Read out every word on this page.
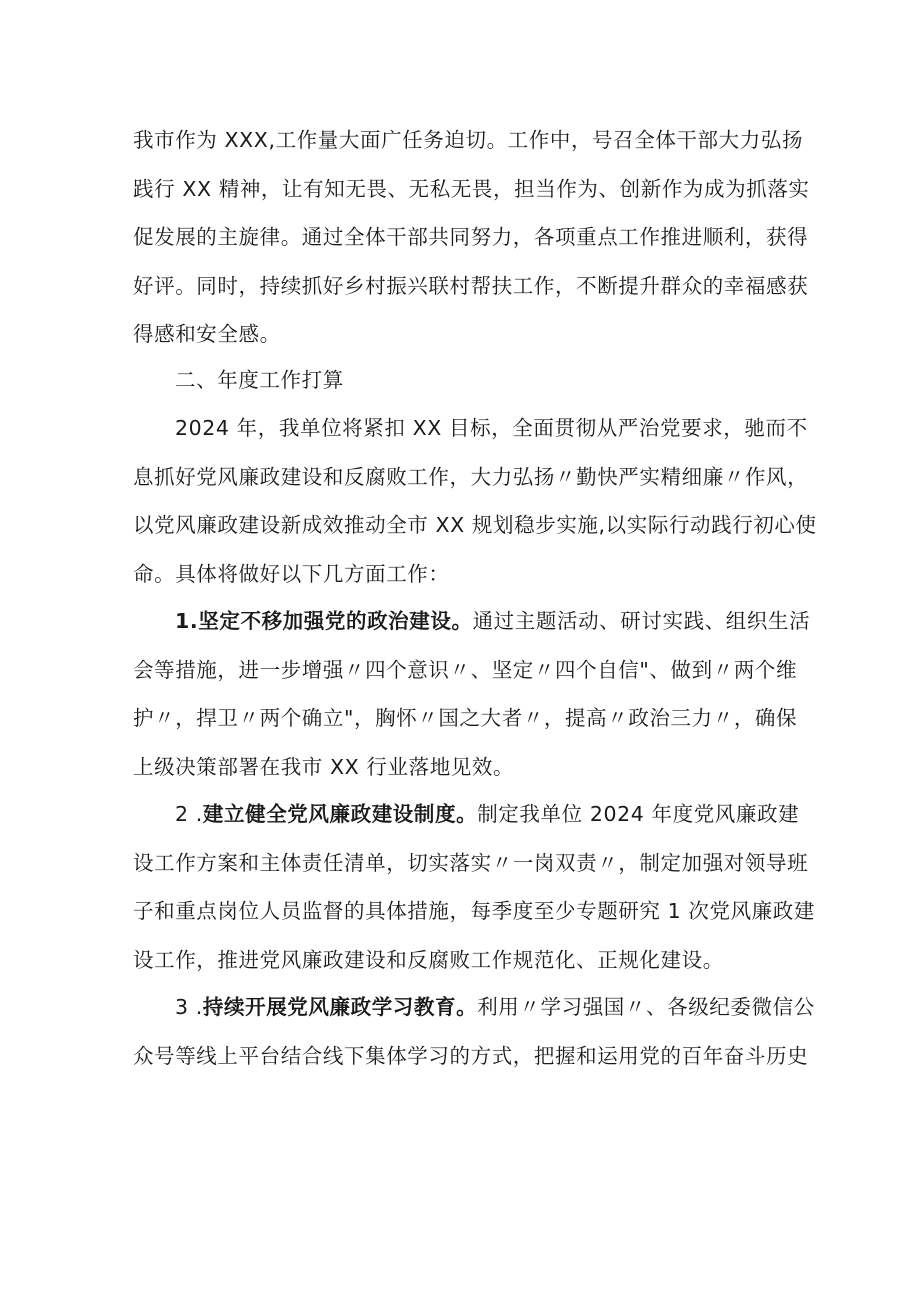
我市作为 XXX,工作量大面广任务迫切。工作中，号召全体干部大力弘扬
践行 XX 精神，让有知无畏、无私无畏，担当作为、创新作为成为抓落实
促发展的主旋律。通过全体干部共同努力，各项重点工作推进顺利，获得
好评。同时，持续抓好乡村振兴联村帮扶工作，不断提升群众的幸福感获
得感和安全感。
二、年度工作打算
2024 年，我单位将紧扣 XX 目标，全面贯彻从严治党要求，驰而不
息抓好党风廉政建设和反腐败工作，大力弘扬〃勤快严实精细廉〃作风，
以党风廉政建设新成效推动全市 XX 规划稳步实施,以实际行动践行初心使
命。具体将做好以下几方面工作：
1.坚定不移加强党的政治建设。通过主题活动、研讨实践、组织生活
会等措施，进一步增强〃四个意识〃、坚定〃四个自信"、做到〃两个维
护〃，捍卫〃两个确立"，胸怀〃国之大者〃，提高〃政治三力〃，确保
上级决策部署在我市 XX 行业落地见效。
2 .建立健全党风廉政建设制度。制定我单位 2024 年度党风廉政建
设工作方案和主体责任清单，切实落实〃一岗双责〃，制定加强对领导班
子和重点岗位人员监督的具体措施，每季度至少专题研究 1 次党风廉政建
设工作，推进党风廉政建设和反腐败工作规范化、正规化建设。
3 .持续开展党风廉政学习教育。利用〃学习强国〃、各级纪委微信公
众号等线上平台结合线下集体学习的方式，把握和运用党的百年奋斗历史
